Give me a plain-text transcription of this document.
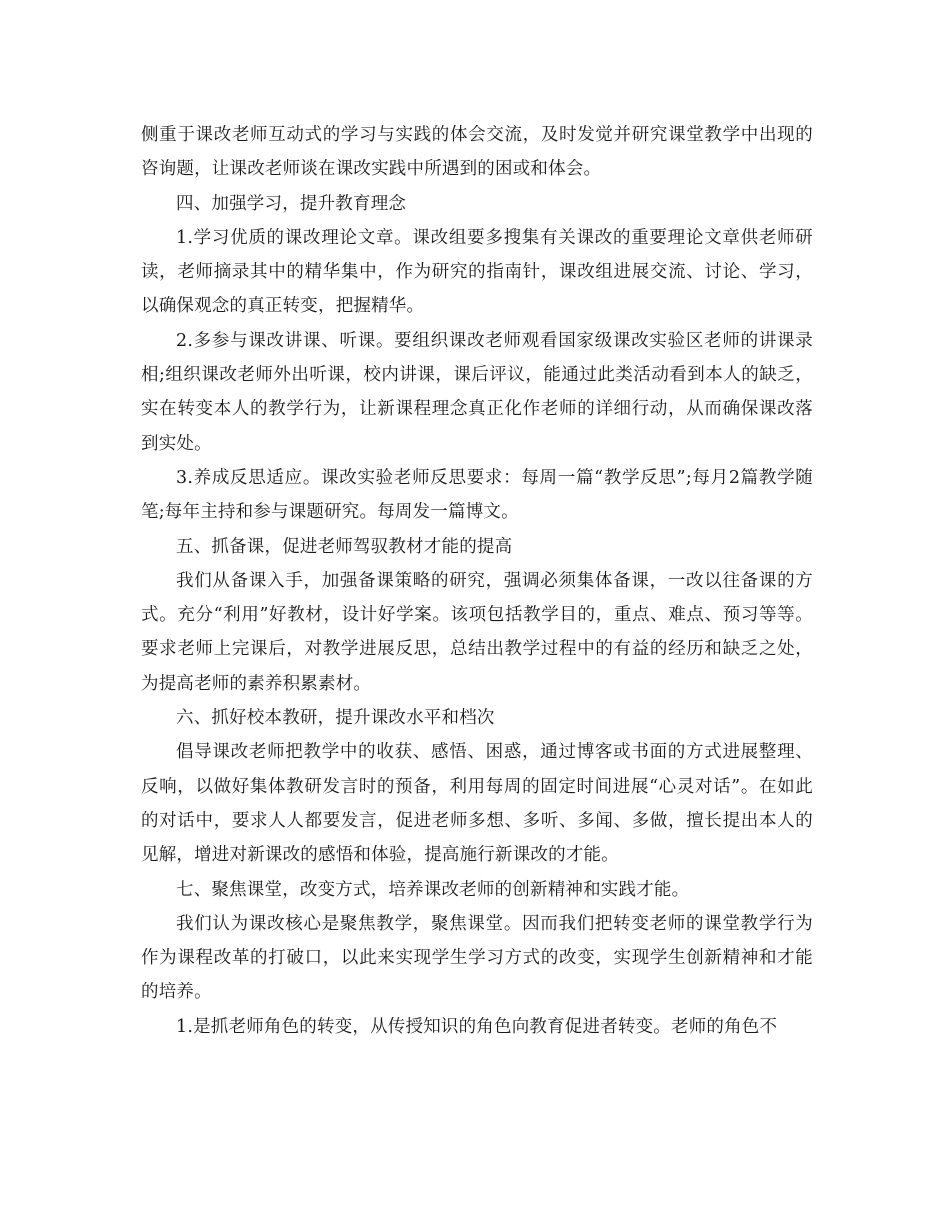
侧重于课改老师互动式的学习与实践的体会交流，及时发觉并研究课堂教学中出现的咨询题，让课改老师谈在课改实践中所遇到的困或和体会。

四、加强学习，提升教育理念

1.学习优质的课改理论文章。课改组要多搜集有关课改的重要理论文章供老师研读，老师摘录其中的精华集中，作为研究的指南针，课改组进展交流、讨论、学习，以确保观念的真正转变，把握精华。

2.多参与课改讲课、听课。要组织课改老师观看国家级课改实验区老师的讲课录相;组织课改老师外出听课，校内讲课，课后评议，能通过此类活动看到本人的缺乏，实在转变本人的教学行为，让新课程理念真正化作老师的详细行动，从而确保课改落到实处。

3.养成反思适应。课改实验老师反思要求：每周一篇“教学反思”;每月2篇教学随笔;每年主持和参与课题研究。每周发一篇博文。

五、抓备课，促进老师驾驭教材才能的提高

我们从备课入手，加强备课策略的研究，强调必须集体备课，一改以往备课的方式。充分“利用”好教材，设计好学案。该项包括教学目的，重点、难点、预习等等。要求老师上完课后，对教学进展反思，总结出教学过程中的有益的经历和缺乏之处，为提高老师的素养积累素材。

六、抓好校本教研，提升课改水平和档次

倡导课改老师把教学中的收获、感悟、困惑，通过博客或书面的方式进展整理、反响，以做好集体教研发言时的预备，利用每周的固定时间进展“心灵对话”。在如此的对话中，要求人人都要发言，促进老师多想、多听、多闻、多做，擅长提出本人的见解，增进对新课改的感悟和体验，提高施行新课改的才能。

七、聚焦课堂，改变方式，培养课改老师的创新精神和实践才能。

我们认为课改核心是聚焦教学，聚焦课堂。因而我们把转变老师的课堂教学行为作为课程改革的打破口，以此来实现学生学习方式的改变，实现学生创新精神和才能的培养。

1.是抓老师角色的转变，从传授知识的角色向教育促进者转变。老师的角色不
